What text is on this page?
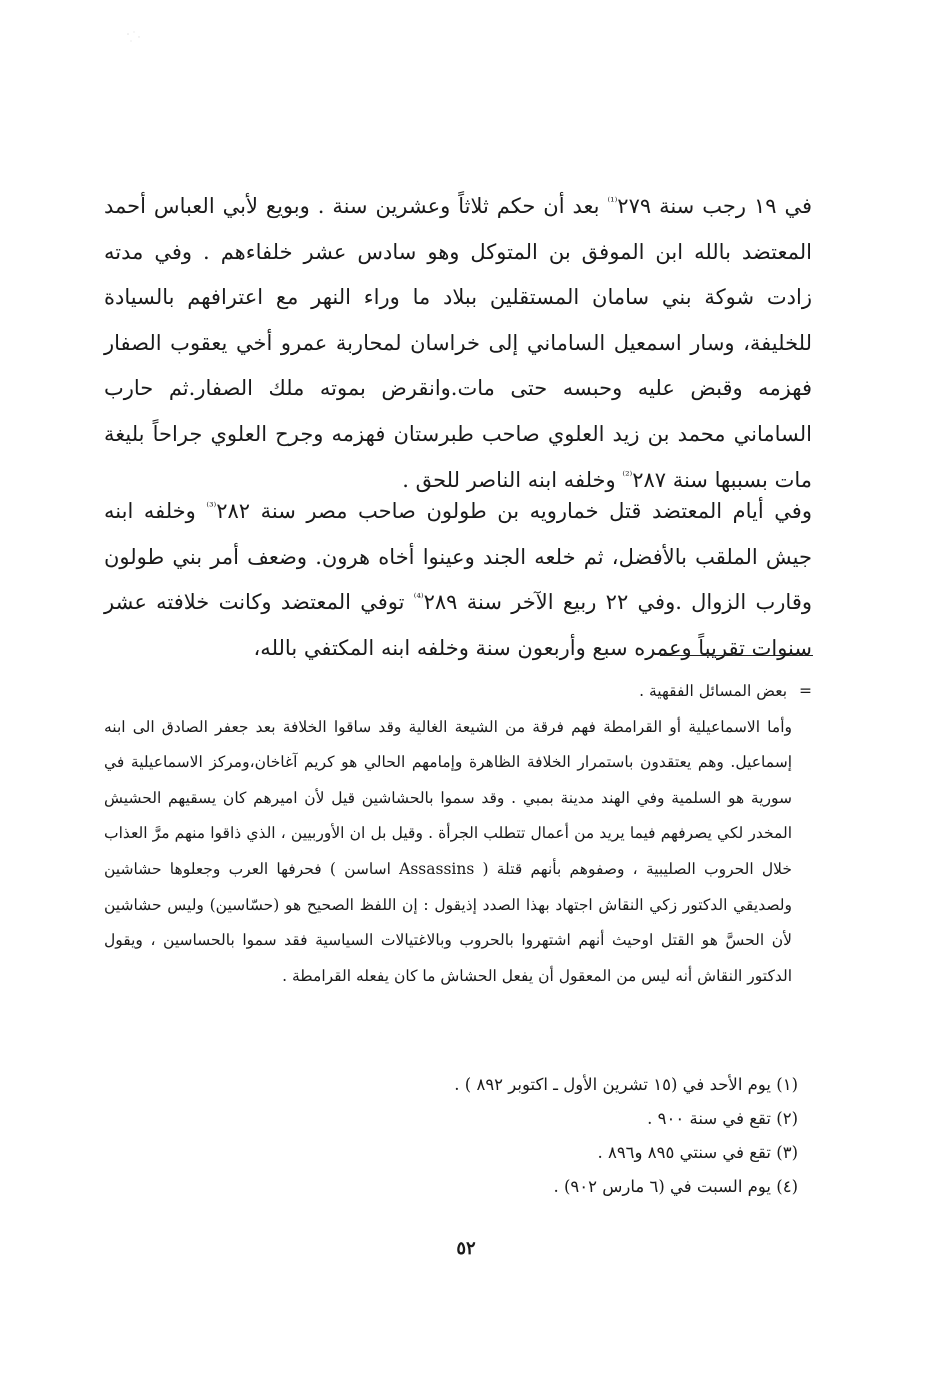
في ١٩ رجب سنة $٢٧٩^{^{(1)}}$ بعد أن حكم ثلاثاً وعشرين سنة . وبويع لأبي العباس أحمد المعتضد بالله ابن الموفق بن المتوكل وهو سادس عشر خلفاءهم . وفي مدته زادت شوكة بني سامان المستقلين ببلاد ما وراء النهر مع اعترافهم بالسيادة للخليفة، وسار اسمعيل الساماني إلى خراسان لمحاربة عمرو أخي يعقوب الصفار فهزمه وقبض عليه وحبسه حتى مات.وانقرض بموته ملك الصفار.ثم حارب الساماني محمد بن زيد العلوي صاحب طبرستان فهزمه وجرح العلوي جراحاً بليغة مات بسببها سنة $٢٨٧^{^{(2)}}$ وخلفه ابنه الناصر للحق .

وفي أيام المعتضد قتل خمارويه بن طولون صاحب مصر سنة $٢٨٢^{^{(3)}}$ وخلفه ابنه جيش الملقب بالأفضل، ثم خلعه الجند وعينوا أخاه هرون. وضعف أمر بني طولون وقارب الزوال .وفي ٢٢ ربيع الآخر سنة $٢٨٩^{^{(4)}}$ توفي المعتضد وكانت خلافته عشر سنوات تقريباً وعمره سبع وأربعون سنة وخلفه ابنه المكتفي بالله،

= بعض المسائل الفقهية .

وأما الاسماعيلية أو القرامطة فهم فرقة من الشيعة الغالية وقد ساقوا الخلافة بعد جعفر الصادق الى ابنه إسماعيل. وهم يعتقدون باستمرار الخلافة الظاهرة وإمامهم الحالي هو كريم آغاخان،ومركز الاسماعيلية في سورية هو السلمية وفي الهند مدينة بمبي . وقد سموا بالحشاشين قيل لأن اميرهم كان يسقيهم الحشيش المخدر لكي يصرفهم فيما يريد من أعمال تتطلب الجرأة . وقيل بل ان الأوربيين ، الذي ذاقوا منهم مرَّ العذاب خلال الحروب الصليبية ، وصفوهم بأنهم قتلة ( Assassins اساسن ) فحرفها العرب وجعلوها حشاشين ولصديقي الدكتور زكي النقاش اجتهاد بهذا الصدد إذيقول : إن اللفظ الصحيح هو (حسّاسين) وليس حشاشين لأن الحسَّ هو القتل اوحيث أنهم اشتهروا بالحروب وبالاغتيالات السياسية فقد سموا بالحساسين ، ويقول الدكتور النقاش أنه ليس من المعقول أن يفعل الحشاش ما كان يفعله القرامطة .

(١) يوم الأحد في (١٥ تشرين الأول ـ اكتوبر ٨٩٢ ) .

(٢) تقع في سنة ٩٠٠ .

(٣) تقع في سنتي ٨٩٥ و٨٩٦ .

(٤) يوم السبت في (٦ مارس ٩٠٢) .

٥٢
